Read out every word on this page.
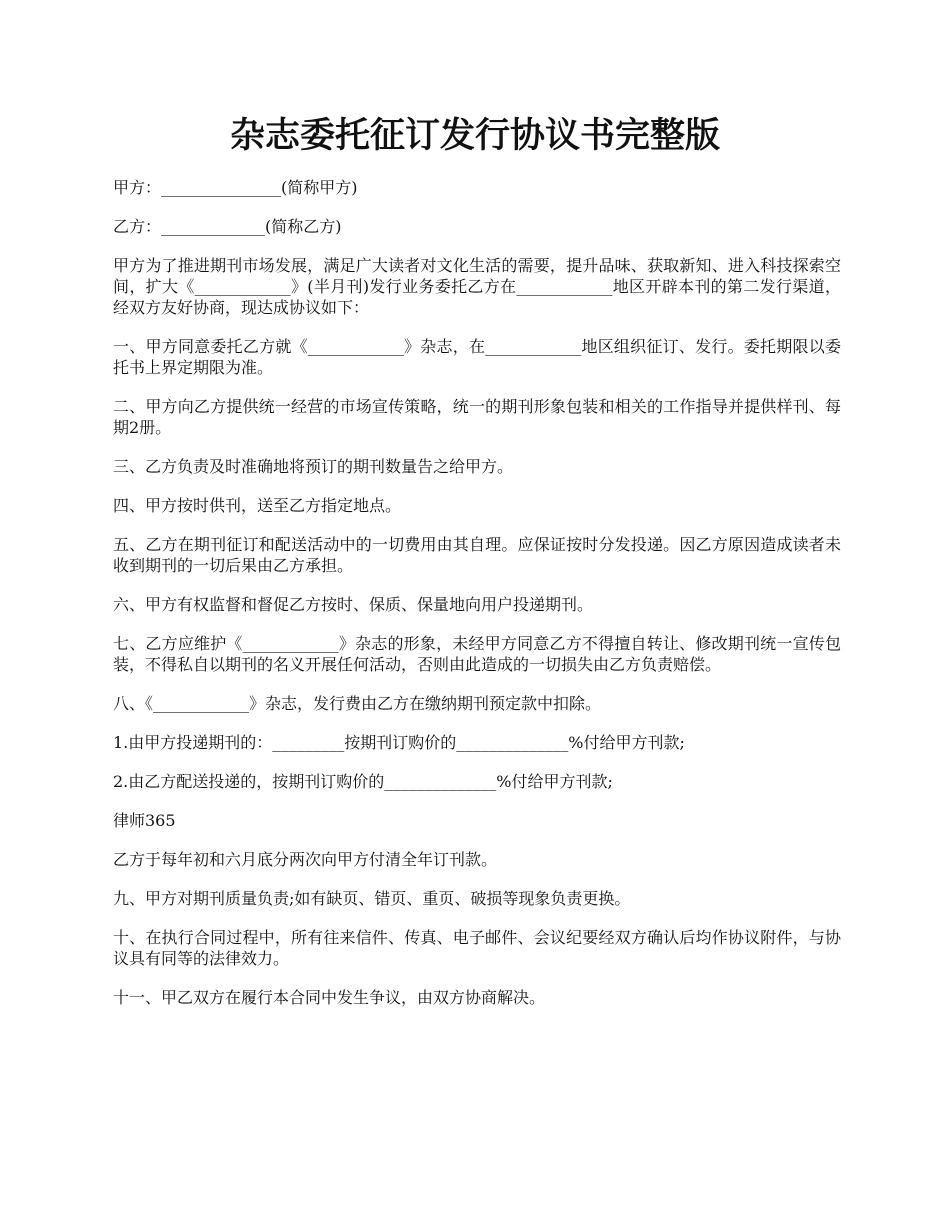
杂志委托征订发行协议书完整版

甲方：_______________(简称甲方)

乙方：_____________(简称乙方)

甲方为了推进期刊市场发展，满足广大读者对文化生活的需要，提升品味、获取新知、进入科技探索空间，扩大《____________》(半月刊)发行业务委托乙方在____________地区开辟本刊的第二发行渠道，经双方友好协商，现达成协议如下：

一、甲方同意委托乙方就《____________》杂志，在____________地区组织征订、发行。委托期限以委托书上界定期限为准。

二、甲方向乙方提供统一经营的市场宣传策略，统一的期刊形象包装和相关的工作指导并提供样刊、每期2册。

三、乙方负责及时准确地将预订的期刊数量告之给甲方。

四、甲方按时供刊，送至乙方指定地点。

五、乙方在期刊征订和配送活动中的一切费用由其自理。应保证按时分发投递。因乙方原因造成读者未收到期刊的一切后果由乙方承担。

六、甲方有权监督和督促乙方按时、保质、保量地向用户投递期刊。

七、乙方应维护《____________》杂志的形象，未经甲方同意乙方不得擅自转让、修改期刊统一宣传包装，不得私自以期刊的名义开展任何活动，否则由此造成的一切损失由乙方负责赔偿。

八、《____________》杂志，发行费由乙方在缴纳期刊预定款中扣除。

1.由甲方投递期刊的：_________按期刊订购价的______________%付给甲方刊款;

2.由乙方配送投递的，按期刊订购价的______________%付给甲方刊款;

律师365

乙方于每年初和六月底分两次向甲方付清全年订刊款。

九、甲方对期刊质量负责;如有缺页、错页、重页、破损等现象负责更换。

十、在执行合同过程中，所有往来信件、传真、电子邮件、会议纪要经双方确认后均作协议附件，与协议具有同等的法律效力。

十一、甲乙双方在履行本合同中发生争议，由双方协商解决。
